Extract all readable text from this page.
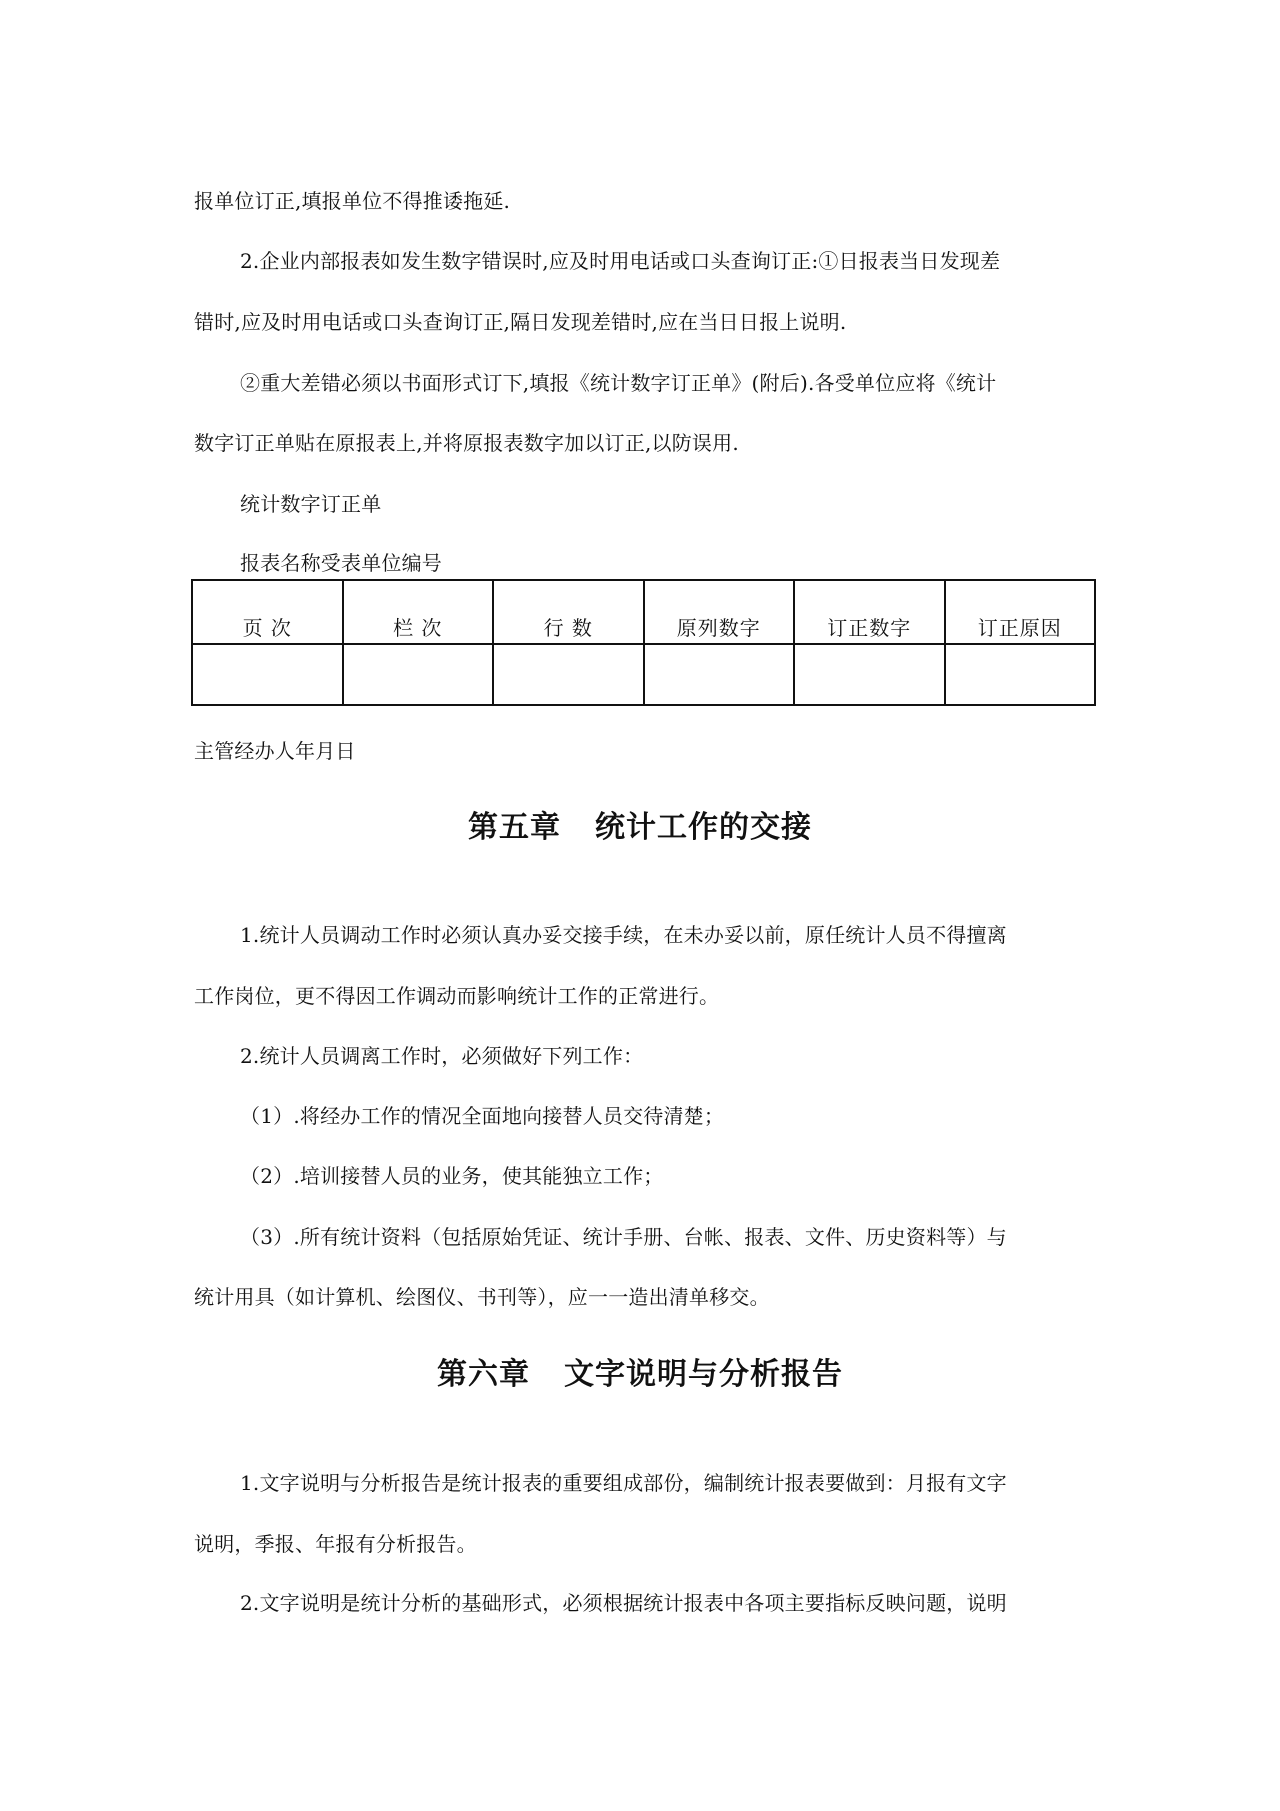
报单位订正,填报单位不得推诿拖延.
2.企业内部报表如发生数字错误时,应及时用电话或口头查询订正:①日报表当日发现差
错时,应及时用电话或口头查询订正,隔日发现差错时,应在当日日报上说明.
②重大差错必须以书面形式订下,填报《统计数字订正单》(附后).各受单位应将《统计
数字订正单贴在原报表上,并将原报表数字加以订正,以防误用.
统计数字订正单
报表名称受表单位编号
页 次	栏 次	行 数	原列数字	订正数字	订正原因

主管经办人年月日
第五章 统计工作的交接
1.统计人员调动工作时必须认真办妥交接手续，在未办妥以前，原任统计人员不得擅离
工作岗位，更不得因工作调动而影响统计工作的正常进行。
2.统计人员调离工作时，必须做好下列工作：
（1）.将经办工作的情况全面地向接替人员交待清楚；
（2）.培训接替人员的业务，使其能独立工作；
（3）.所有统计资料（包括原始凭证、统计手册、台帐、报表、文件、历史资料等）与
统计用具（如计算机、绘图仪、书刊等），应一一造出清单移交。
第六章 文字说明与分析报告
1.文字说明与分析报告是统计报表的重要组成部份，编制统计报表要做到：月报有文字
说明，季报、年报有分析报告。
2.文字说明是统计分析的基础形式，必须根据统计报表中各项主要指标反映问题，说明
